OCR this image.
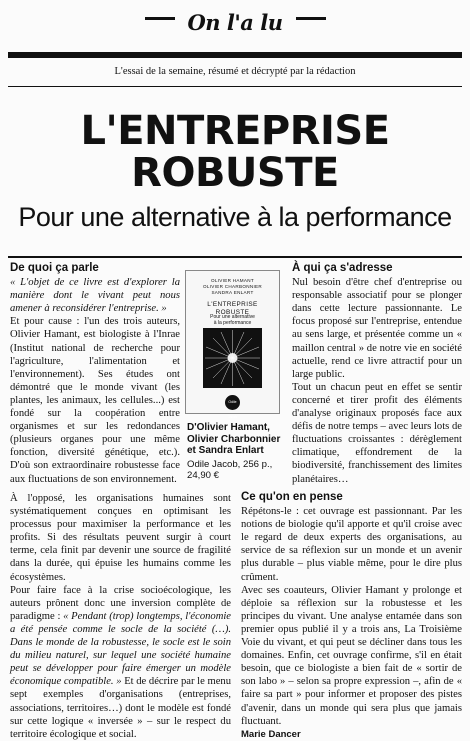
On l'a lu
L'essai de la semaine, résumé et décrypté par la rédaction
L'ENTREPRISE
ROBUSTE
Pour une alternative à la performance

De quoi ça parle

« L'objet de ce livre est d'explorer la manière dont le vivant peut nous amener à reconsidérer l'entreprise. »

Et pour cause : l'un des trois auteurs, Olivier Hamant, est biologiste à l'Inrae (Institut national de recherche pour l'agriculture, l'alimentation et l'environnement). Ses études ont démontré que le monde vivant (les plantes, les animaux, les cellules...) est fondé sur la coopération entre organismes et sur les redondances (plusieurs organes pour une même fonction, diversité génétique, etc.). D'où son extraordinaire robustesse face aux fluctuations de son environnement.

À l'opposé, les organisations humaines sont systématiquement conçues en optimisant les processus pour maximiser la performance et les profits. Si des résultats peuvent surgir à court terme, cela finit par devenir une source de fragilité dans la durée, qui épuise les humains comme les écosystèmes.

Pour faire face à la crise socioécologique, les auteurs prônent donc une inversion complète de paradigme : « Pendant (trop) longtemps, l'économie a été pensée comme le socle de la société (…). Dans le monde de la robustesse, le socle est le soin du milieu naturel, sur lequel une société humaine peut se développer pour faire émerger un modèle économique compatible. » Et de décrire par le menu sept exemples d'organisations (entreprises, associations, territoires…) dont le modèle est fondé sur cette logique « inversée » – sur le respect du territoire écologique et social.

OLIVIER HAMANT
OLIVIER CHARBONNIER
SANDRA ENLART
L'ENTREPRISE
ROBUSTE
Pour une alternative
à la performance
Odile Jacob
D'Olivier Hamant, Olivier Charbonnier et Sandra Enlart
Odile Jacob, 256 p., 24,90 €

À qui ça s'adresse

Nul besoin d'être chef d'entreprise ou responsable associatif pour se plonger dans cette lecture passionnante. Le focus proposé sur l'entreprise, entendue au sens large, et présentée comme un « maillon central » de notre vie en société actuelle, rend ce livre attractif pour un large public.

Tout un chacun peut en effet se sentir concerné et tirer profit des éléments d'analyse originaux proposés face aux défis de notre temps – avec leurs lots de fluctuations croissantes : dérèglement climatique, effondrement de la biodiversité, franchissement des limites planétaires…

Ce qu'on en pense

Répétons-le : cet ouvrage est passionnant. Par les notions de biologie qu'il apporte et qu'il croise avec le regard de deux experts des organisations, au service de sa réflexion sur un monde et un avenir plus durable – plus viable même, pour le dire plus crûment.

Avec ses coauteurs, Olivier Hamant y prolonge et déploie sa réflexion sur la robustesse et les principes du vivant. Une analyse entamée dans son premier opus publié il y a trois ans, La Troisième Voie du vivant, et qui peut se décliner dans tous les domaines. Enfin, cet ouvrage confirme, s'il en était besoin, que ce biologiste a bien fait de « sortir de son labo » – selon sa propre expression –, afin de « faire sa part » pour informer et proposer des pistes d'avenir, dans un monde qui sera plus que jamais fluctuant.

Marie Dancer
